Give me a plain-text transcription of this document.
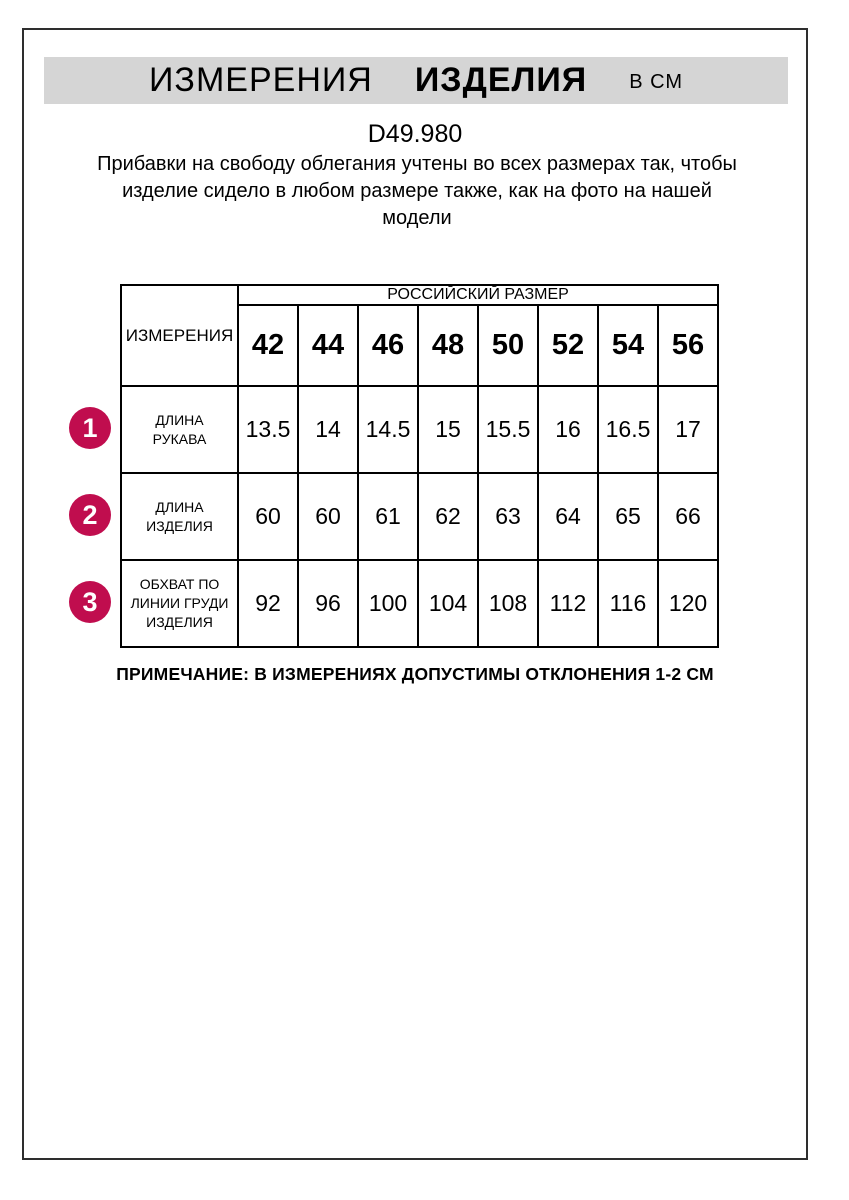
ИЗМЕРЕНИЯ ИЗДЕЛИЯ В СМ
D49.980
Прибавки на свободу облегания учтены во всех размерах так, чтобы изделие сидело в любом размере также, как на фото на нашей модели
ИЗМЕРЕНИЯ	РОССИЙСКИЙ РАЗМЕР							
	42	44	46	48	50	52	54	56
ДЛИНА РУКАВА	13.5	14	14.5	15	15.5	16	16.5	17
ДЛИНА ИЗДЕЛИЯ	60	60	61	62	63	64	65	66
ОБХВАТ ПО ЛИНИИ ГРУДИ ИЗДЕЛИЯ	92	96	100	104	108	112	116	120
1
2
3
ПРИМЕЧАНИЕ: В ИЗМЕРЕНИЯХ ДОПУСТИМЫ ОТКЛОНЕНИЯ 1-2 СМ
